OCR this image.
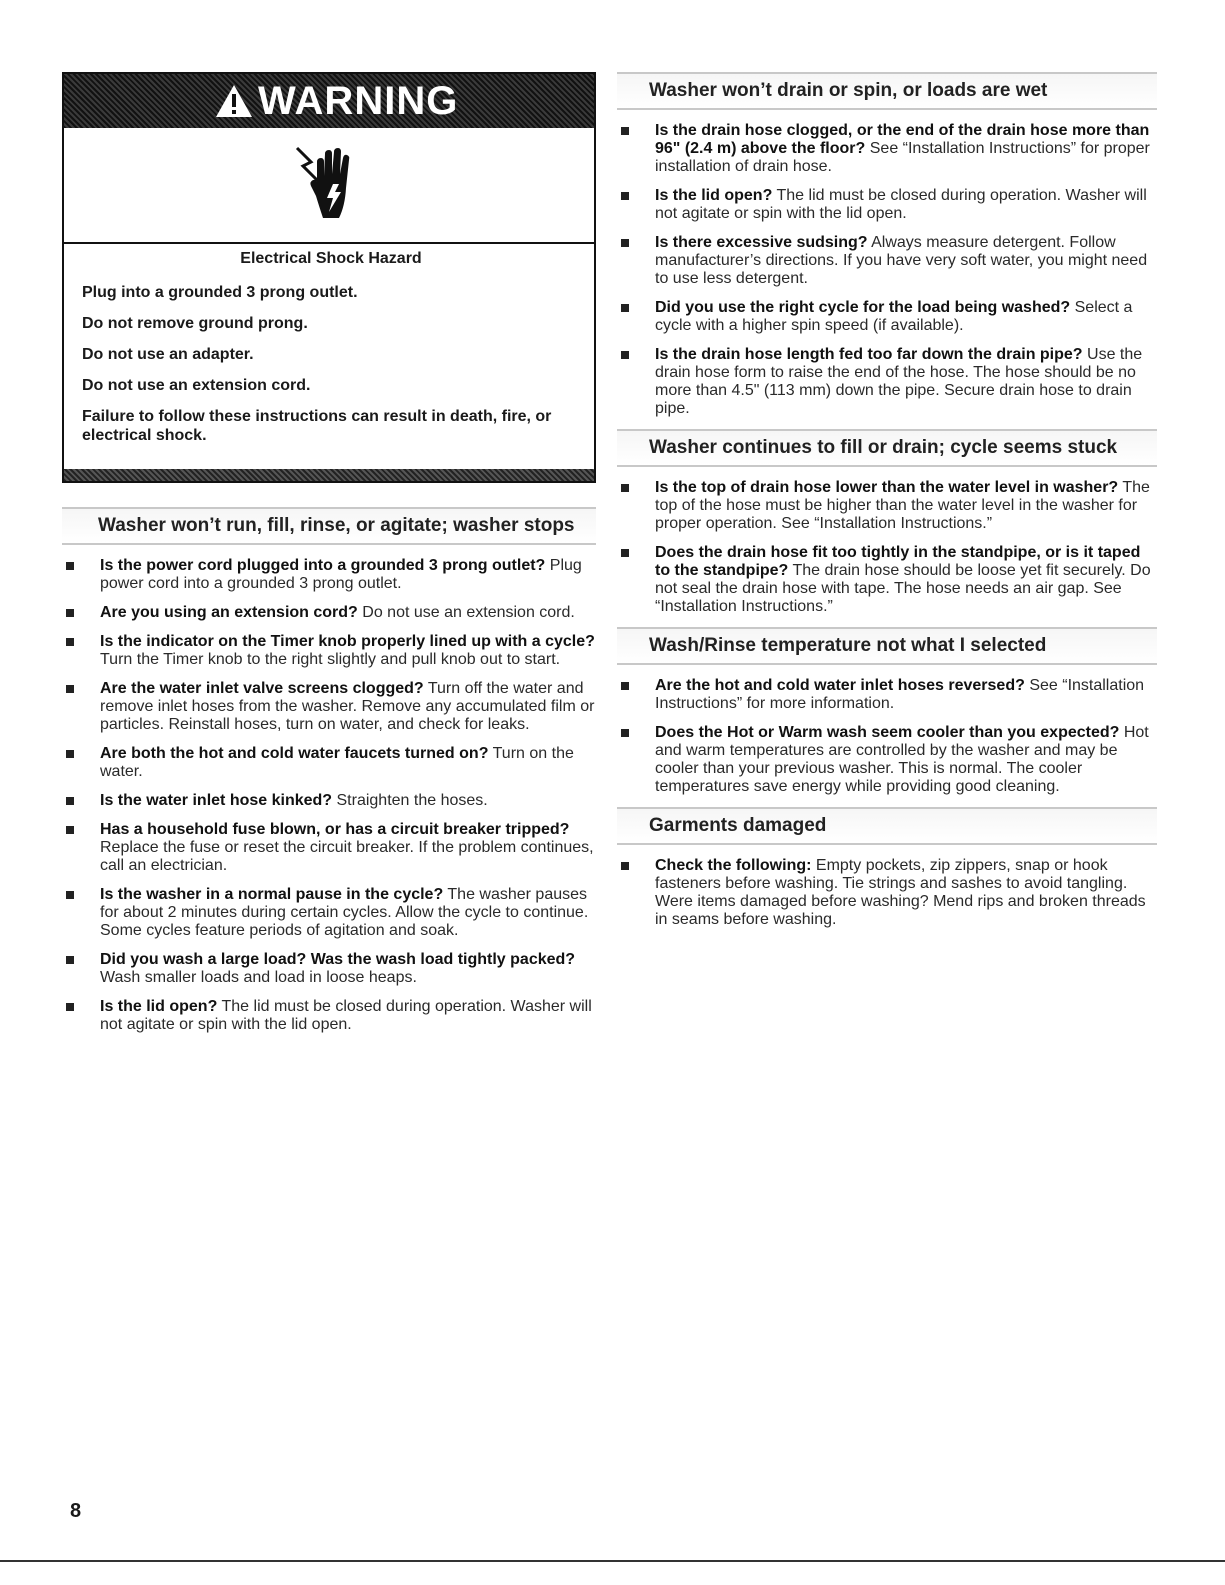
WARNING
Electrical Shock Hazard

Plug into a grounded 3 prong outlet.

Do not remove ground prong.

Do not use an adapter.

Do not use an extension cord.

Failure to follow these instructions can result in death, fire, or electrical shock.

Washer won’t run, fill, rinse, or agitate; washer stops
Is the power cord plugged into a grounded 3 prong outlet? Plug power cord into a grounded 3 prong outlet.
Are you using an extension cord? Do not use an extension cord.
Is the indicator on the Timer knob properly lined up with a cycle? Turn the Timer knob to the right slightly and pull knob out to start.
Are the water inlet valve screens clogged? Turn off the water and remove inlet hoses from the washer. Remove any accumulated film or particles. Reinstall hoses, turn on water, and check for leaks.
Are both the hot and cold water faucets turned on? Turn on the water.
Is the water inlet hose kinked? Straighten the hoses.
Has a household fuse blown, or has a circuit breaker tripped? Replace the fuse or reset the circuit breaker. If the problem continues, call an electrician.
Is the washer in a normal pause in the cycle? The washer pauses for about 2 minutes during certain cycles. Allow the cycle to continue. Some cycles feature periods of agitation and soak.
Did you wash a large load? Was the wash load tightly packed? Wash smaller loads and load in loose heaps.
Is the lid open? The lid must be closed during operation. Washer will not agitate or spin with the lid open.
Washer won’t drain or spin, or loads are wet
Is the drain hose clogged, or the end of the drain hose more than 96" (2.4 m) above the floor? See “Installation Instructions” for proper installation of drain hose.
Is the lid open? The lid must be closed during operation. Washer will not agitate or spin with the lid open.
Is there excessive sudsing? Always measure detergent. Follow manufacturer’s directions. If you have very soft water, you might need to use less detergent.
Did you use the right cycle for the load being washed? Select a cycle with a higher spin speed (if available).
Is the drain hose length fed too far down the drain pipe? Use the drain hose form to raise the end of the hose. The hose should be no more than 4.5" (113 mm) down the pipe. Secure drain hose to drain pipe.
Washer continues to fill or drain; cycle seems stuck
Is the top of drain hose lower than the water level in washer? The top of the hose must be higher than the water level in the washer for proper operation. See “Installation Instructions.”
Does the drain hose fit too tightly in the standpipe, or is it taped to the standpipe? The drain hose should be loose yet fit securely. Do not seal the drain hose with tape. The hose needs an air gap. See “Installation Instructions.”
Wash/Rinse temperature not what I selected
Are the hot and cold water inlet hoses reversed? See “Installation Instructions” for more information.
Does the Hot or Warm wash seem cooler than you expected? Hot and warm temperatures are controlled by the washer and may be cooler than your previous washer. This is normal. The cooler temperatures save energy while providing good cleaning.
Garments damaged
Check the following: Empty pockets, zip zippers, snap or hook fasteners before washing. Tie strings and sashes to avoid tangling. Were items damaged before washing? Mend rips and broken threads in seams before washing.
8
